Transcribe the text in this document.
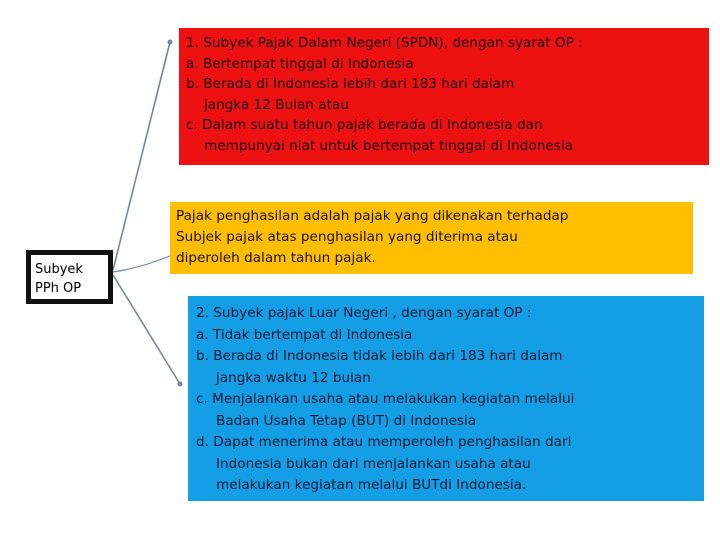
1. Subyek Pajak Dalam Negeri (SPDN), dengan syarat OP :

a. Bertempat tinggal di Indonesia

b. Berada di Indonesia lebih dari 183 hari dalam

jangka 12 Bulan atau

c. Dalam suatu tahun pajak berada di Indonesia dan

mempunyai niat untuk bertempat tinggal di Indonesia

Pajak penghasilan adalah pajak yang dikenakan terhadap

Subjek pajak atas penghasilan yang diterima atau

diperoleh dalam tahun pajak.

Subyek

PPh OP

2. Subyek pajak Luar Negeri , dengan syarat OP :

a. Tidak bertempat di Indonesia

b. Berada di Indonesia tidak lebih dari 183 hari dalam

jangka waktu 12 bulan

c. Menjalankan usaha atau melakukan kegiatan melalui

Badan Usaha Tetap (BUT) di Indonesia

d. Dapat menerima atau memperoleh penghasilan dari

Indonesia bukan dari menjalankan usaha atau

melakukan kegiatan melalui BUTdi Indonesia.
